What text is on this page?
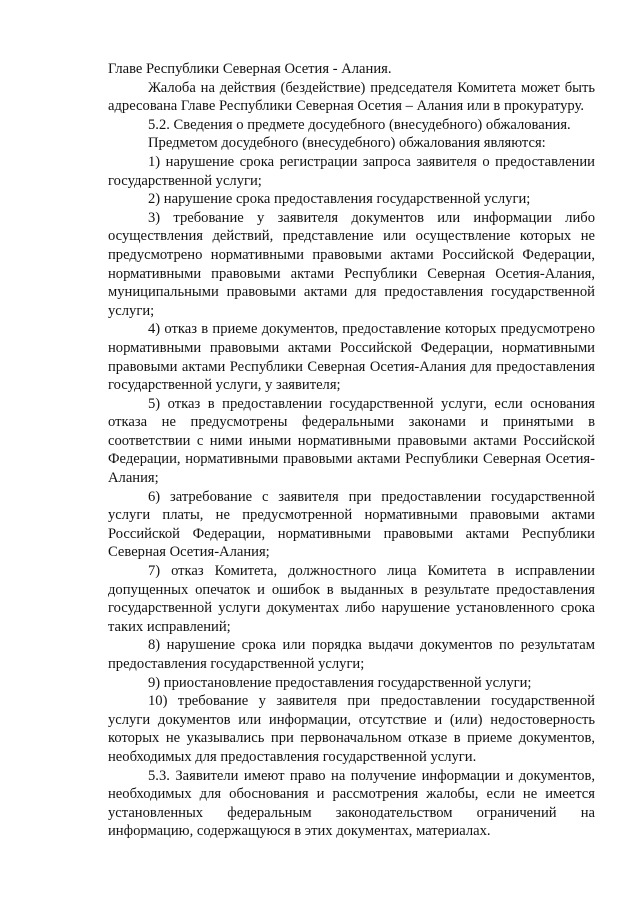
Главе Республики Северная Осетия - Алания.

Жалоба на действия (бездействие) председателя Комитета может быть адресована Главе Республики Северная Осетия – Алания или в прокуратуру.

5.2. Сведения о предмете досудебного (внесудебного) обжалования.

Предметом досудебного (внесудебного) обжалования являются:

1) нарушение срока регистрации запроса заявителя о предоставлении государственной услуги;

2) нарушение срока предоставления государственной услуги;

3) требование у заявителя документов или информации либо осуществления действий, представление или осуществление которых не предусмотрено нормативными правовыми актами Российской Федерации, нормативными правовыми актами Республики Северная Осетия-Алания, муниципальными правовыми актами для предоставления государственной услуги;

4) отказ в приеме документов, предоставление которых предусмотрено нормативными правовыми актами Российской Федерации, нормативными правовыми актами Республики Северная Осетия-Алания для предоставления государственной услуги, у заявителя;

5) отказ в предоставлении государственной услуги, если основания отказа не предусмотрены федеральными законами и принятыми в соответствии с ними иными нормативными правовыми актами Российской Федерации, нормативными правовыми актами Республики Северная Осетия-Алания;

6) затребование с заявителя при предоставлении государственной услуги платы, не предусмотренной нормативными правовыми актами Российской Федерации, нормативными правовыми актами Республики Северная Осетия-Алания;

7) отказ Комитета, должностного лица Комитета в исправлении допущенных опечаток и ошибок в выданных в результате предоставления государственной услуги документах либо нарушение установленного срока таких исправлений;

8) нарушение срока или порядка выдачи документов по результатам предоставления государственной услуги;

9) приостановление предоставления государственной услуги;

10) требование у заявителя при предоставлении государственной услуги документов или информации, отсутствие и (или) недостоверность которых не указывались при первоначальном отказе в приеме документов, необходимых для предоставления государственной услуги.

5.3. Заявители имеют право на получение информации и документов, необходимых для обоснования и рассмотрения жалобы, если не имеется установленных федеральным законодательством ограничений на информацию, содержащуюся в этих документах, материалах.
